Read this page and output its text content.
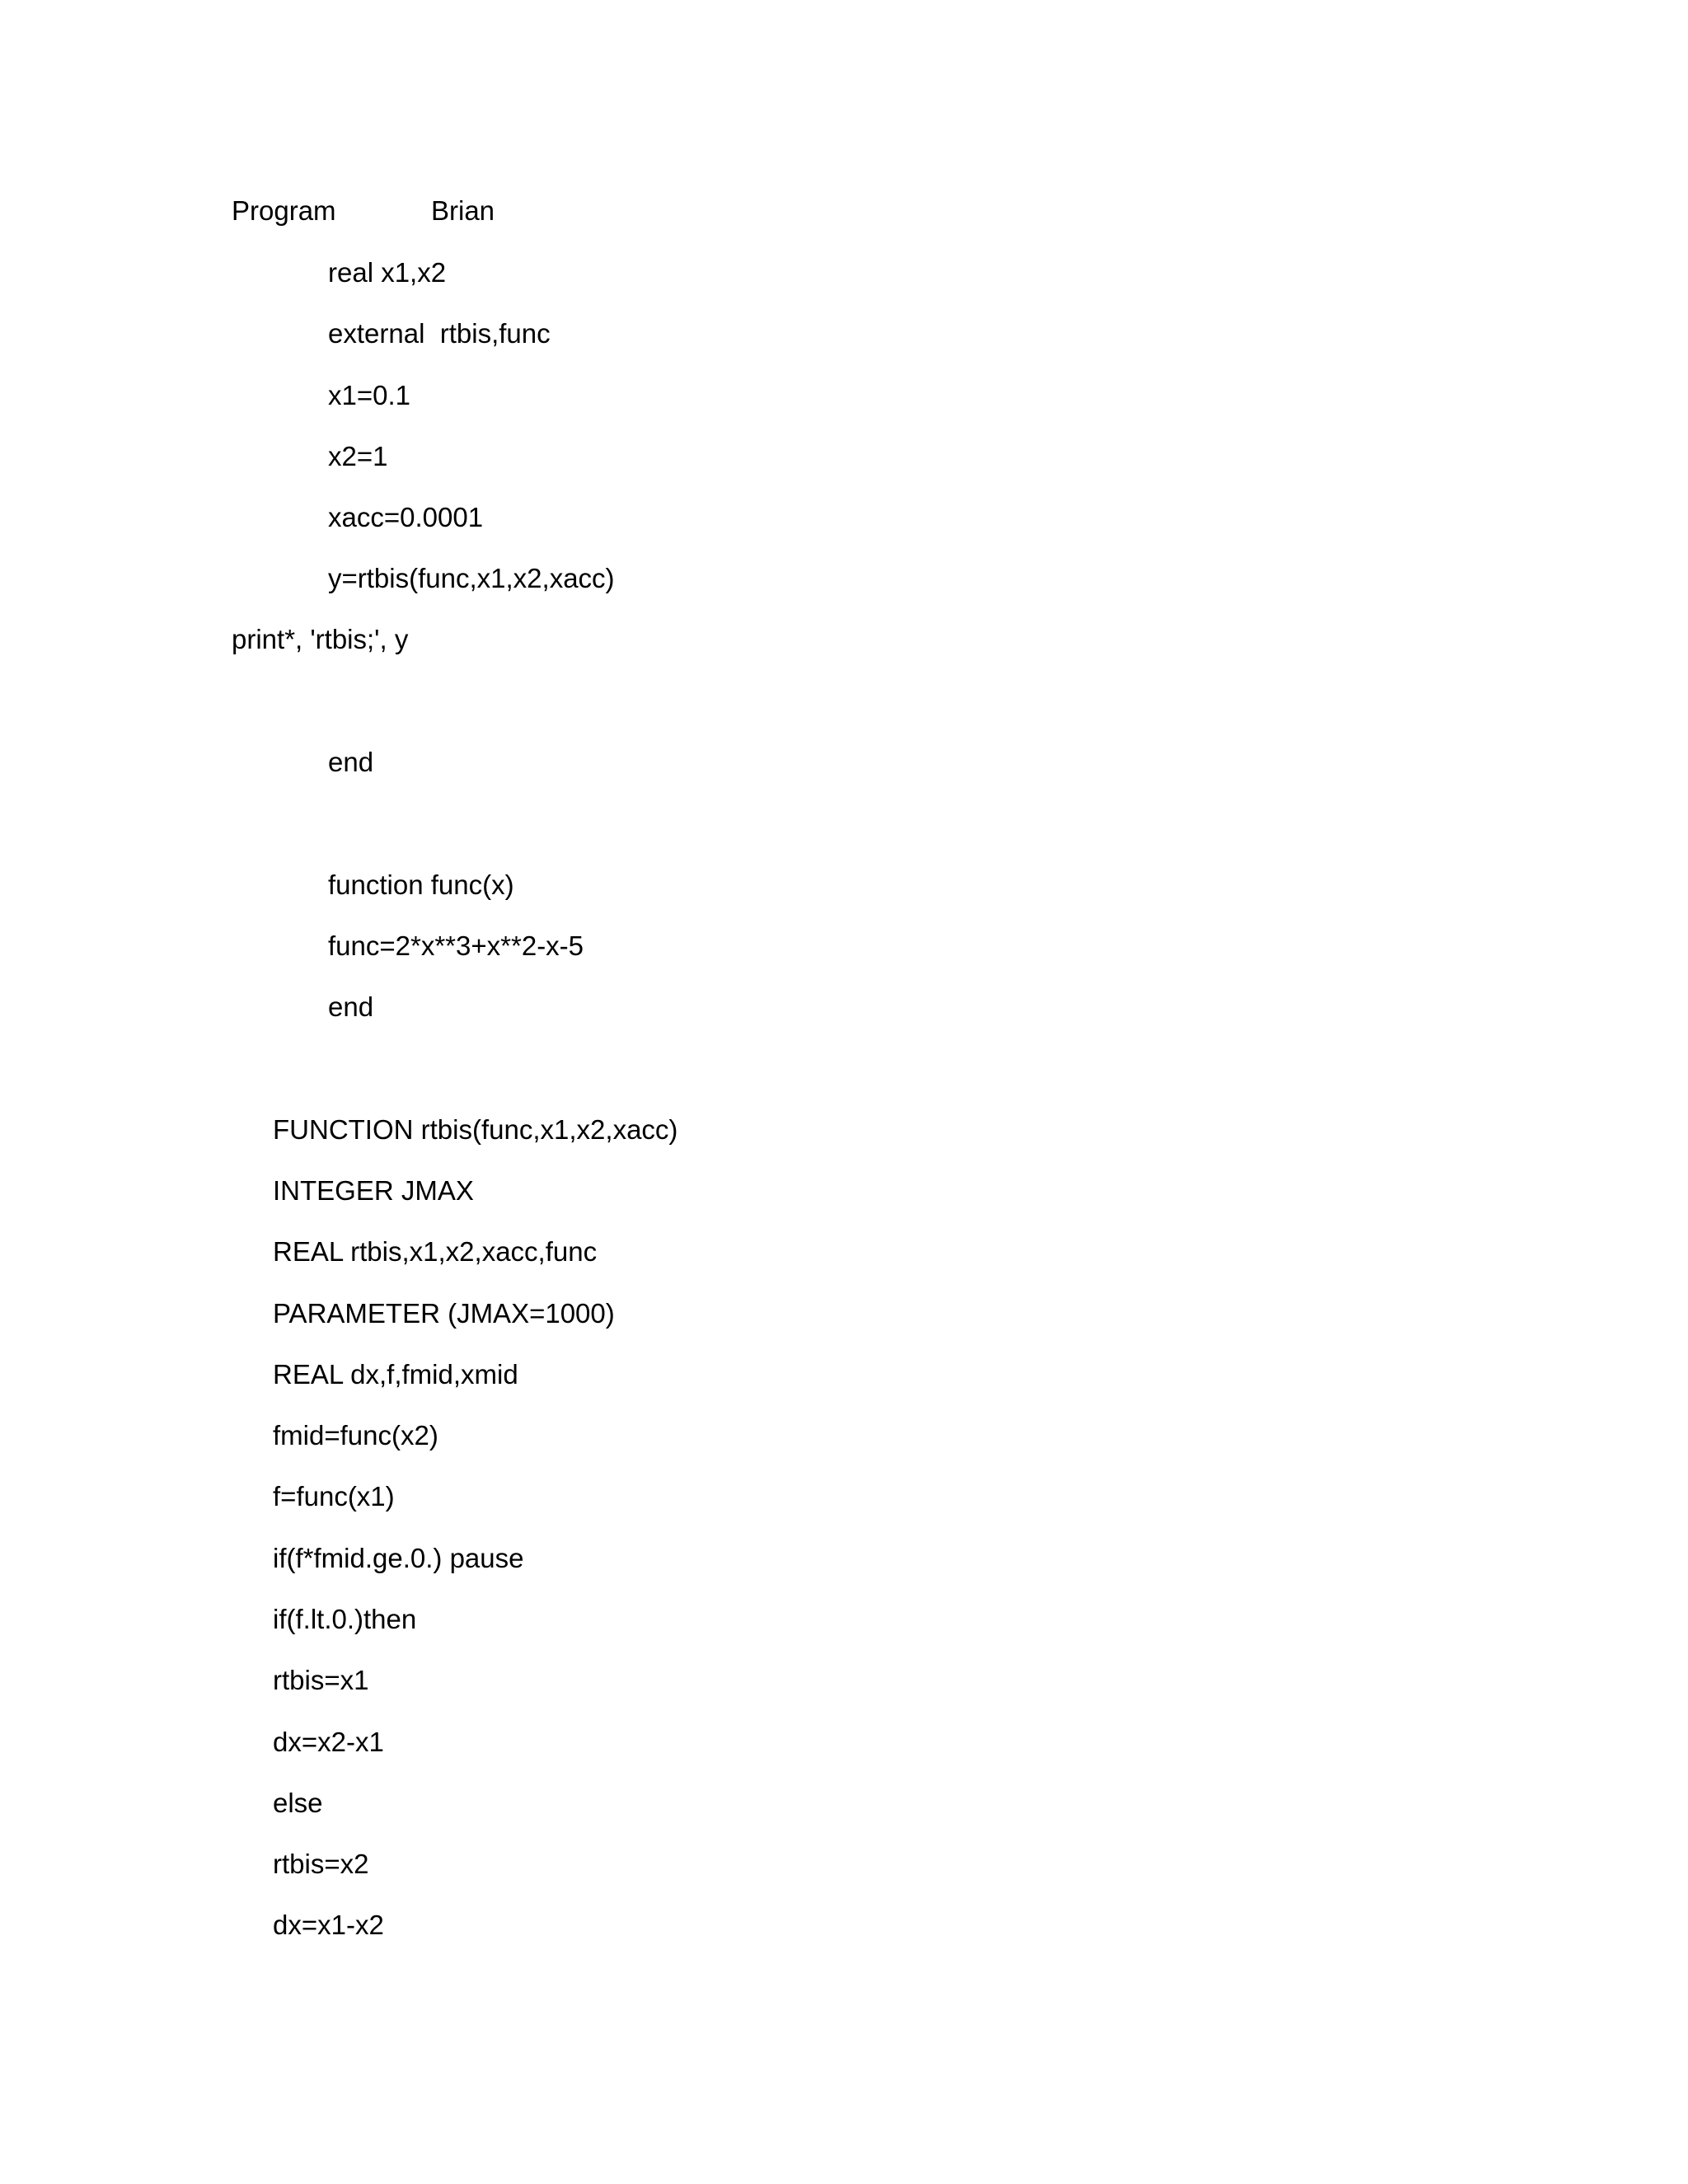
Program	Brian
real x1,x2
external  rtbis,func
x1=0.1
x2=1
xacc=0.0001
y=rtbis(func,x1,x2,xacc)
print*, 'rtbis;', y
end
function func(x)
func=2*x**3+x**2-x-5
end
FUNCTION rtbis(func,x1,x2,xacc)
INTEGER JMAX
REAL rtbis,x1,x2,xacc,func
PARAMETER (JMAX=1000)
REAL dx,f,fmid,xmid
fmid=func(x2)
f=func(x1)
if(f*fmid.ge.0.) pause
if(f.lt.0.)then
rtbis=x1
dx=x2-x1
else
rtbis=x2
dx=x1-x2
